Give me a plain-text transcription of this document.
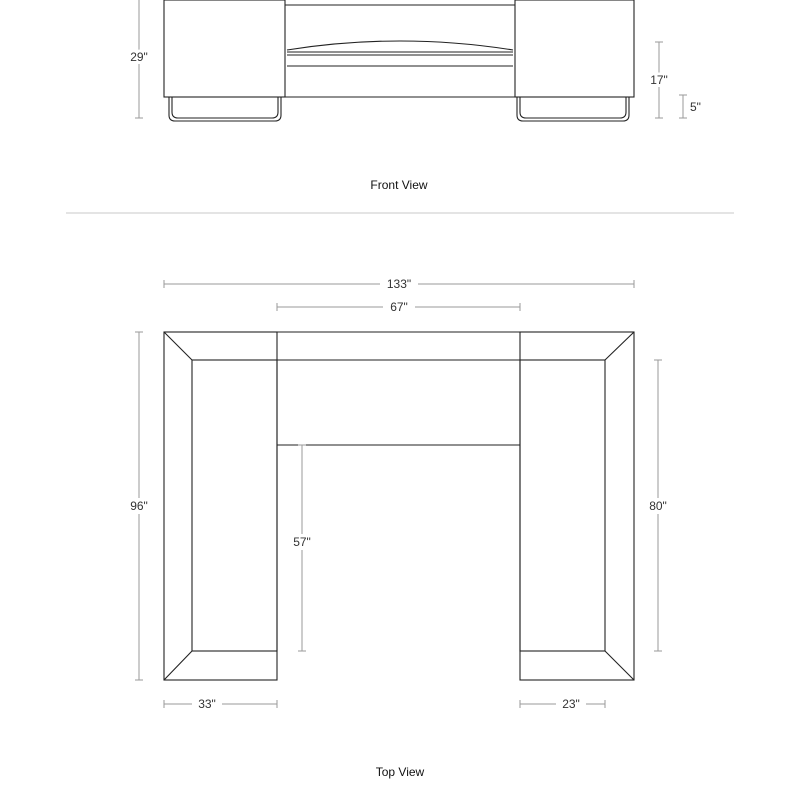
29"
17"
5"
Front View
133"
67"
96"	80"
57"
33"	23"
Top View
